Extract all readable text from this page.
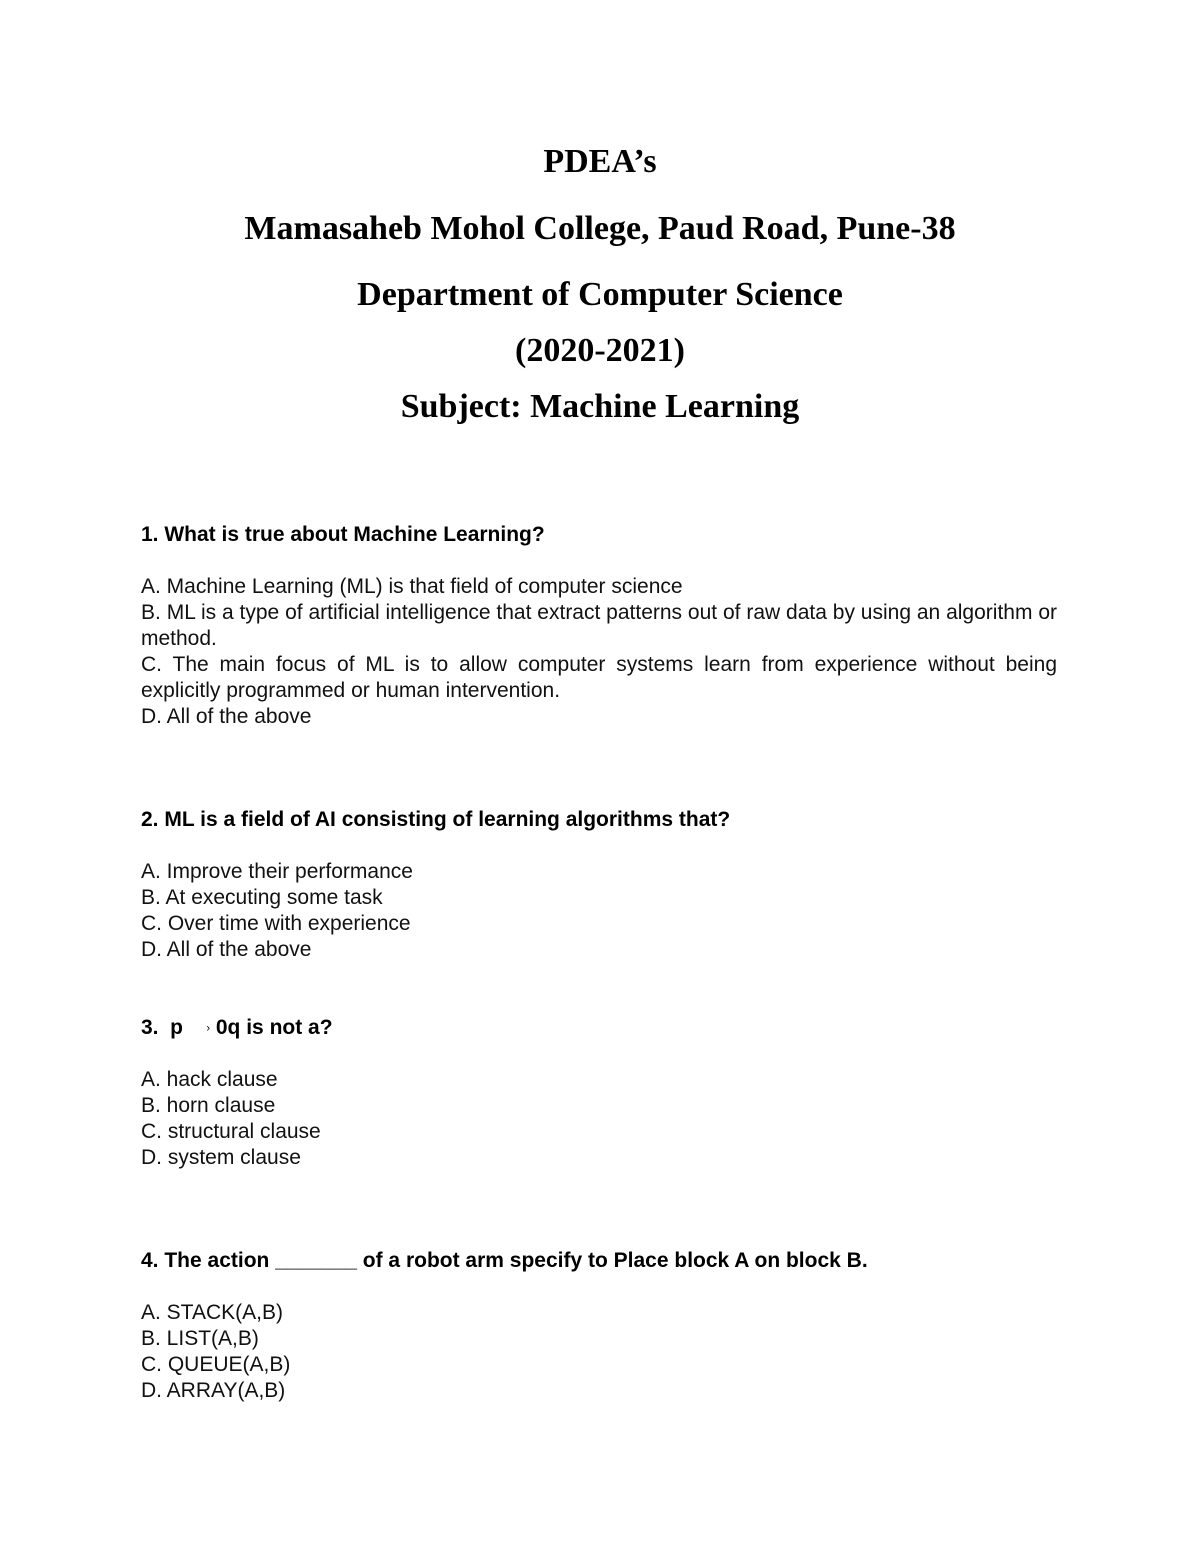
PDEA’s
Mamasaheb Mohol College, Paud Road, Pune-38
Department of Computer Science
(2020-2021)
Subject: Machine Learning
1. What is true about Machine Learning?
A. Machine Learning (ML) is that field of computer science
B. ML is a type of artificial intelligence that extract patterns out of raw data by using an algorithm or method.
C. The main focus of ML is to allow computer systems learn from experience without being explicitly programmed or human intervention.
D. All of the above
2. ML is a field of AI consisting of learning algorithms that?
A. Improve their performance
B. At executing some task
C. Over time with experience
D. All of the above
3.  p › 0q is not a?
A. hack clause
B. horn clause
C. structural clause
D. system clause
4. The action _______ of a robot arm specify to Place block A on block B.
A. STACK(A,B)
B. LIST(A,B)
C. QUEUE(A,B)
D. ARRAY(A,B)
